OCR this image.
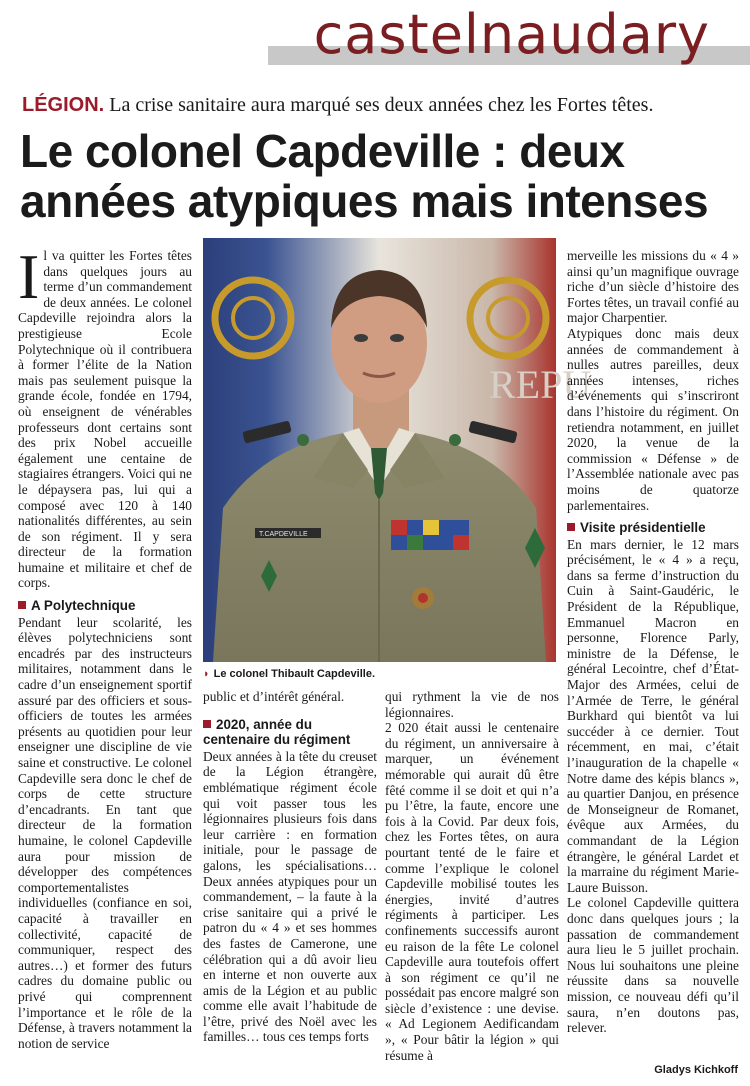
castelnaudary
LÉGION. La crise sanitaire aura marqué ses deux années chez les Fortes têtes.
Le colonel Capdeville : deux années atypiques mais intenses

Il va quitter les Fortes têtes dans quelques jours au terme d’un commandement de deux années. Le colonel Capdeville rejoindra alors la prestigieuse Ecole Polytechnique où il contribuera à former l’élite de la Nation mais pas seulement puisque la grande école, fondée en 1794, où enseignent de vénérables professeurs dont certains sont des prix Nobel accueille également une centaine de stagiaires étrangers. Voici qui ne le dépaysera pas, lui qui a composé avec 120 à 140 nationalités différentes, au sein de son régiment. Il y sera directeur de la formation humaine et militaire et chef de corps.

A Polytechnique

Pendant leur scolarité, les élèves polytechniciens sont encadrés par des instructeurs militaires, notamment dans le cadre d’un enseignement sportif assuré par des officiers et sous-officiers de toutes les armées présents au quotidien pour leur enseigner une discipline de vie saine et constructive. Le colonel Capdeville sera donc le chef de corps de cette structure d’encadrants. En tant que directeur de la formation humaine, le colonel Capdeville aura pour mission de développer des compétences comportementalistes individuelles (confiance en soi, capacité à travailler en collectivité, capacité de communiquer, respect des autres…) et former des futurs cadres du domaine public ou privé qui comprennent l’importance et le rôle de la Défense, à travers notamment la notion de service

REPU
T.CAPDEVILLE
◗ Le colonel Thibault Capdeville.

public et d’intérêt général.

2020, année du centenaire du régiment

Deux années à la tête du creuset de la Légion étrangère, emblématique régiment école qui voit passer tous les légionnaires plusieurs fois dans leur carrière : en formation initiale, pour le passage de galons, les spécialisations… Deux années atypiques pour un commandement, – la faute à la crise sanitaire qui a privé le patron du « 4 » et ses hommes des fastes de Camerone, une célébration qui a dû avoir lieu en interne et non ouverte aux amis de la Légion et au public comme elle avait l’habitude de l’être, privé des Noël avec les familles… tous ces temps forts

qui rythment la vie de nos légionnaires.

2 020 était aussi le centenaire du régiment, un anniversaire à marquer, un événement mémorable qui aurait dû être fêté comme il se doit et qui n’a pu l’être, la faute, encore une fois à la Covid. Par deux fois, chez les Fortes têtes, on aura pourtant tenté de le faire et comme l’explique le colonel Capdeville mobilisé toutes les énergies, invité d’autres régiments à participer. Les confinements successifs auront eu raison de la fête Le colonel Capdeville aura toutefois offert à son régiment ce qu’il ne possédait pas encore malgré son siècle d’existence : une devise. « Ad Legionem Aedificandam », « Pour bâtir la légion » qui résume à

merveille les missions du « 4 » ainsi qu’un magnifique ouvrage riche d’un siècle d’histoire des Fortes têtes, un travail confié au major Charpentier.

Atypiques donc mais deux années de commandement à nulles autres pareilles, deux années intenses, riches d’événements qui s’inscriront dans l’histoire du régiment. On retiendra notamment, en juillet 2020, la venue de la commission « Défense » de l’Assemblée nationale avec pas moins de quatorze parlementaires.

Visite présidentielle

En mars dernier, le 12 mars précisément, le « 4 » a reçu, dans sa ferme d’instruction du Cuin à Saint-Gaudéric, le Président de la République, Emmanuel Macron en personne, Florence Parly, ministre de la Défense, le général Lecointre, chef d’État-Major des Armées, celui de l’Armée de Terre, le général Burkhard qui bientôt va lui succéder à ce dernier. Tout récemment, en mai, c’était l’inauguration de la chapelle « Notre dame des képis blancs », au quartier Danjou, en présence de Monseigneur de Romanet, évêque aux Armées, du commandant de la Légion étrangère, le général Lardet et la marraine du régiment Marie-Laure Buisson.

Le colonel Capdeville quittera donc dans quelques jours ; la passation de commandement aura lieu le 5 juillet prochain. Nous lui souhaitons une pleine réussite dans sa nouvelle mission, ce nouveau défi qu’il saura, n’en doutons pas, relever.

Gladys Kichkoff
